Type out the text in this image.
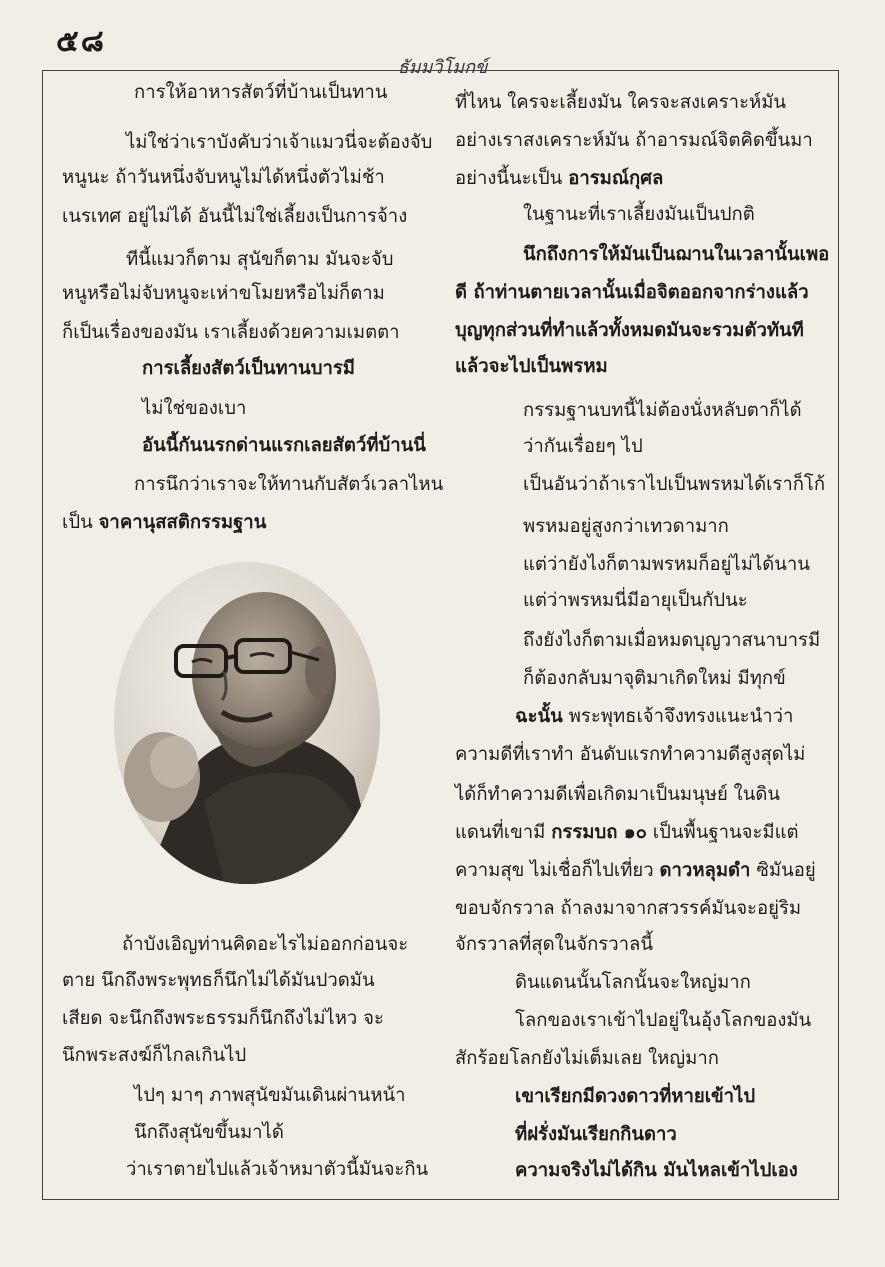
๕๘
ธัมมวิโมกข์
การให้อาหารสัตว์ที่บ้านเป็นทาน
ไม่ใช่ว่าเราบังคับว่าเจ้าแมวนี่จะต้องจับ
หนูนะ ถ้าวันหนึ่งจับหนูไม่ได้หนึ่งตัวไม่ช้า
เนรเทศ อยู่ไม่ได้ อันนี้ไม่ใช่เลี้ยงเป็นการจ้าง
ทีนี้แมวก็ตาม สุนัขก็ตาม มันจะจับ
หนูหรือไม่จับหนูจะเห่าขโมยหรือไม่ก็ตาม
ก็เป็นเรื่องของมัน เราเลี้ยงด้วยความเมตตา
การเลี้ยงสัตว์เป็นทานบารมี
ไม่ใช่ของเบา
อันนี้กันนรกด่านแรกเลยสัตว์ที่บ้านนี่
การนึกว่าเราจะให้ทานกับสัตว์เวลาไหน
เป็น จาคานุสสติกรรมฐาน
ถ้าบังเอิญท่านคิดอะไรไม่ออกก่อนจะ
ตาย นึกถึงพระพุทธก็นึกไม่ได้มันปวดมัน
เสียด จะนึกถึงพระธรรมก็นึกถึงไม่ไหว จะ
นึกพระสงฆ์ก็ไกลเกินไป
ไปๆ มาๆ ภาพสุนัขมันเดินผ่านหน้า
นึกถึงสุนัขขึ้นมาได้
ว่าเราตายไปแล้วเจ้าหมาตัวนี้มันจะกิน
ที่ไหน ใครจะเลี้ยงมัน ใครจะสงเคราะห์มัน
อย่างเราสงเคราะห์มัน ถ้าอารมณ์จิตคิดขึ้นมา
อย่างนี้นะเป็น อารมณ์กุศล
ในฐานะที่เราเลี้ยงมันเป็นปกติ
นึกถึงการให้มันเป็นฌานในเวลานั้นเพอ
ดี ถ้าท่านตายเวลานั้นเมื่อจิตออกจากร่างแล้ว
บุญทุกส่วนที่ทำแล้วทั้งหมดมันจะรวมตัวทันที
แล้วจะไปเป็นพรหม
กรรมฐานบทนี้ไม่ต้องนั่งหลับตาก็ได้
ว่ากันเรื่อยๆ ไป
เป็นอันว่าถ้าเราไปเป็นพรหมได้เราก็โก้
พรหมอยู่สูงกว่าเทวดามาก
แต่ว่ายังไงก็ตามพรหมก็อยู่ไม่ได้นาน
แต่ว่าพรหมนี่มีอายุเป็นกัปนะ
ถึงยังไงก็ตามเมื่อหมดบุญวาสนาบารมี
ก็ต้องกลับมาจุติมาเกิดใหม่ มีทุกข์
ฉะนั้น พระพุทธเจ้าจึงทรงแนะนำว่า
ความดีที่เราทำ อันดับแรกทำความดีสูงสุดไม่
ได้ก็ทำความดีเพื่อเกิดมาเป็นมนุษย์ ในดิน
แดนที่เขามี กรรมบถ ๑๐ เป็นพื้นฐานจะมีแต่
ความสุข ไม่เชื่อก็ไปเที่ยว ดาวหลุมดำ ซิมันอยู่
ขอบจักรวาล ถ้าลงมาจากสวรรค์มันจะอยู่ริม
จักรวาลที่สุดในจักรวาลนี้
ดินแดนนั้นโลกนั้นจะใหญ่มาก
โลกของเราเข้าไปอยู่ในอุ้งโลกของมัน
สักร้อยโลกยังไม่เต็มเลย ใหญ่มาก
เขาเรียกมีดวงดาวที่หายเข้าไป
ที่ฝรั่งมันเรียกกินดาว
ความจริงไม่ได้กิน มันไหลเข้าไปเอง
